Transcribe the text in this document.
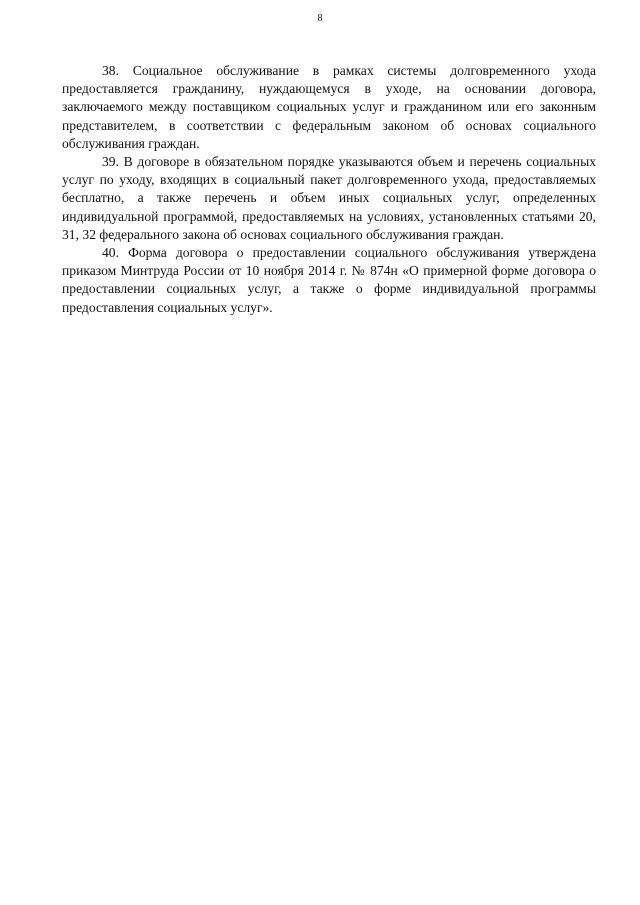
8

38. Социальное обслуживание в рамках системы долговременного ухода предоставляется гражданину, нуждающемуся в уходе, на основании договора, заключаемого между поставщиком социальных услуг и гражданином или его законным представителем, в соответствии с федеральным законом об основах социального обслуживания граждан.

39. В договоре в обязательном порядке указываются объем и перечень социальных услуг по уходу, входящих в социальный пакет долговременного ухода, предоставляемых бесплатно, а также перечень и объем иных социальных услуг, определенных индивидуальной программой, предоставляемых на условиях, установленных статьями 20, 31, 32 федерального закона об основах социального обслуживания граждан.

40. Форма договора о предоставлении социального обслуживания утверждена приказом Минтруда России от 10 ноября 2014 г. № 874н «О примерной форме договора о предоставлении социальных услуг, а также о форме индивидуальной программы предоставления социальных услуг».
